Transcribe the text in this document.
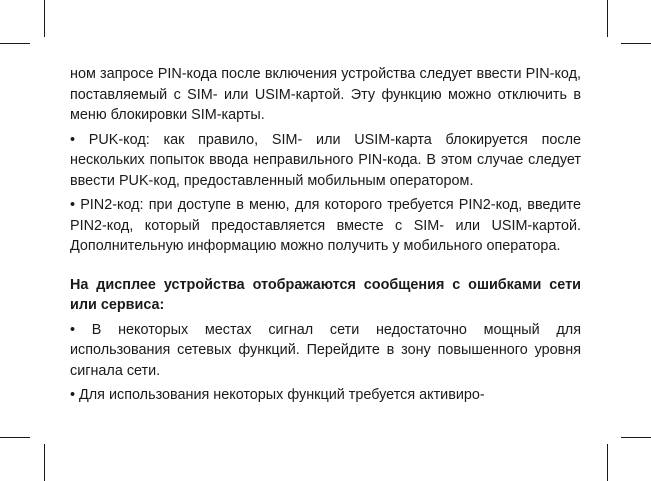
ном запросе PIN-кода после включения устройства следует ввести PIN-код, поставляемый с SIM- или USIM-картой. Эту функцию можно отключить в меню блокировки SIM-карты.

• PUK-код: как правило, SIM- или USIM-карта блокируется после нескольких попыток ввода неправильного PIN-кода. В этом случае следует ввести PUK-код, предоставленный мобильным оператором.

• PIN2-код: при доступе в меню, для которого требуется PIN2-код, введите PIN2-код, который предоставляется вместе с SIM- или USIM-картой. Дополнительную информацию можно получить у мобильного оператора.

На дисплее устройства отображаются сообщения с ошибками сети или сервиса:

• В некоторых местах сигнал сети недостаточно мощный для использования сетевых функций. Перейдите в зону повышенного уровня сигнала сети.

• Для использования некоторых функций требуется активиро-
